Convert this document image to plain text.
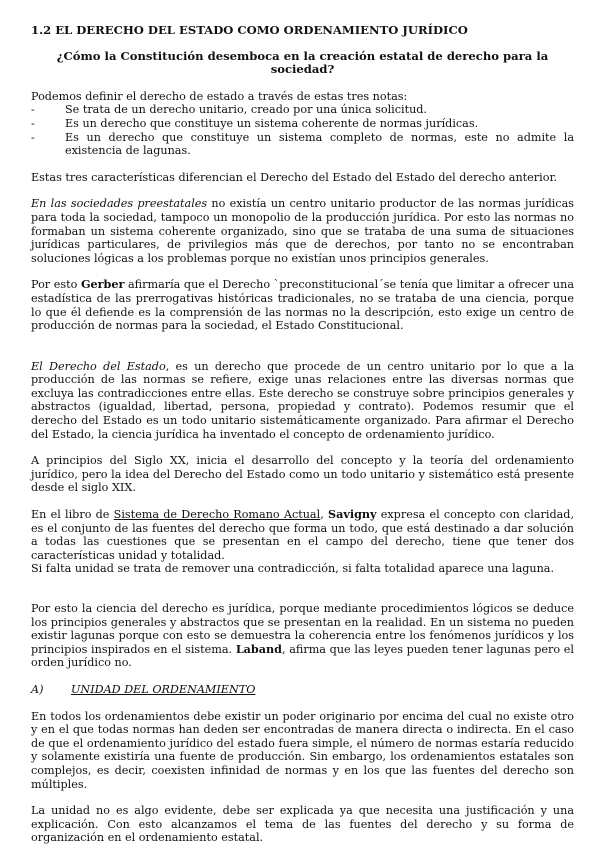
1.2 EL DERECHO DEL ESTADO COMO ORDENAMIENTO JURÍDICO

¿Cómo la Constitución desemboca en la creación estatal de derecho para la sociedad?

Podemos definir el derecho de estado a través de estas tres notas:

-	Se trata de un derecho unitario, creado por una única solicitud.
-	Es un derecho que constituye un sistema coherente de normas jurídicas.
-	Es un derecho que constituye un sistema completo de normas, este no admite la existencia de lagunas.

Estas tres características diferencian el Derecho del Estado del Estado del derecho anterior.

En las sociedades preestatales no existía un centro unitario productor de las normas jurídicas para toda la sociedad, tampoco un monopolio de la producción jurídica. Por esto las normas no formaban un sistema coherente organizado, sino que se trataba de una suma de situaciones jurídicas particulares, de privilegios más que de derechos, por tanto no se encontraban soluciones lógicas a los problemas porque no existían unos principios generales.

Por esto Gerber afirmaría que el Derecho `preconstitucional´se tenía que limitar a ofrecer una estadística de las prerrogativas históricas tradicionales, no se trataba de una ciencia, porque lo que él defiende es la comprensión de las normas no la descripción, esto exige un centro de producción de normas para la sociedad, el Estado Constitucional.

El Derecho del Estado, es un derecho que procede de un centro unitario por lo que a la producción de las normas se refiere, exige unas relaciones entre las diversas normas que excluya las contradicciones entre ellas. Este derecho se construye sobre principios generales y abstractos (igualdad, libertad, persona, propiedad y contrato). Podemos resumir que el derecho del Estado es un todo unitario sistemáticamente organizado. Para afirmar el Derecho del Estado, la ciencia jurídica ha inventado el concepto de ordenamiento jurídico.

A principios del Siglo XX, inicia el desarrollo del concepto y la teoría del ordenamiento jurídico, pero la idea del Derecho del Estado como un todo unitario y sistemático está presente desde el siglo XIX.

En el libro de Sistema de Derecho Romano Actual, Savigny expresa el concepto con claridad, es el conjunto de las fuentes del derecho que forma un todo, que está destinado a dar solución a todas las cuestiones que se presentan en el campo del derecho, tiene que tener dos características unidad y totalidad.

Si falta unidad se trata de remover una contradicción, si falta totalidad aparece una laguna.

Por esto la ciencia del derecho es jurídica, porque mediante procedimientos lógicos se deduce los principios generales y abstractos que se presentan en la realidad. En un sistema no pueden existir lagunas porque con esto se demuestra la coherencia entre los fenómenos jurídicos y los principios inspirados en el sistema. Laband, afirma que las leyes pueden tener lagunas pero el orden jurídico no.

A) UNIDAD DEL ORDENAMIENTO

En todos los ordenamientos debe existir un poder originario por encima del cual no existe otro y en el que todas normas han deden ser encontradas de manera directa o indirecta. En el caso de que el ordenamiento jurídico del estado fuera simple, el número de normas estaría reducido y solamente existiría una fuente de producción. Sin embargo, los ordenamientos estatales son complejos, es decir, coexisten infinidad de normas y en los que las fuentes del derecho son múltiples.

La unidad no es algo evidente, debe ser explicada ya que necesita una justificación y una explicación. Con esto alcanzamos el tema de las fuentes del derecho y su forma de organización en el ordenamiento estatal.
